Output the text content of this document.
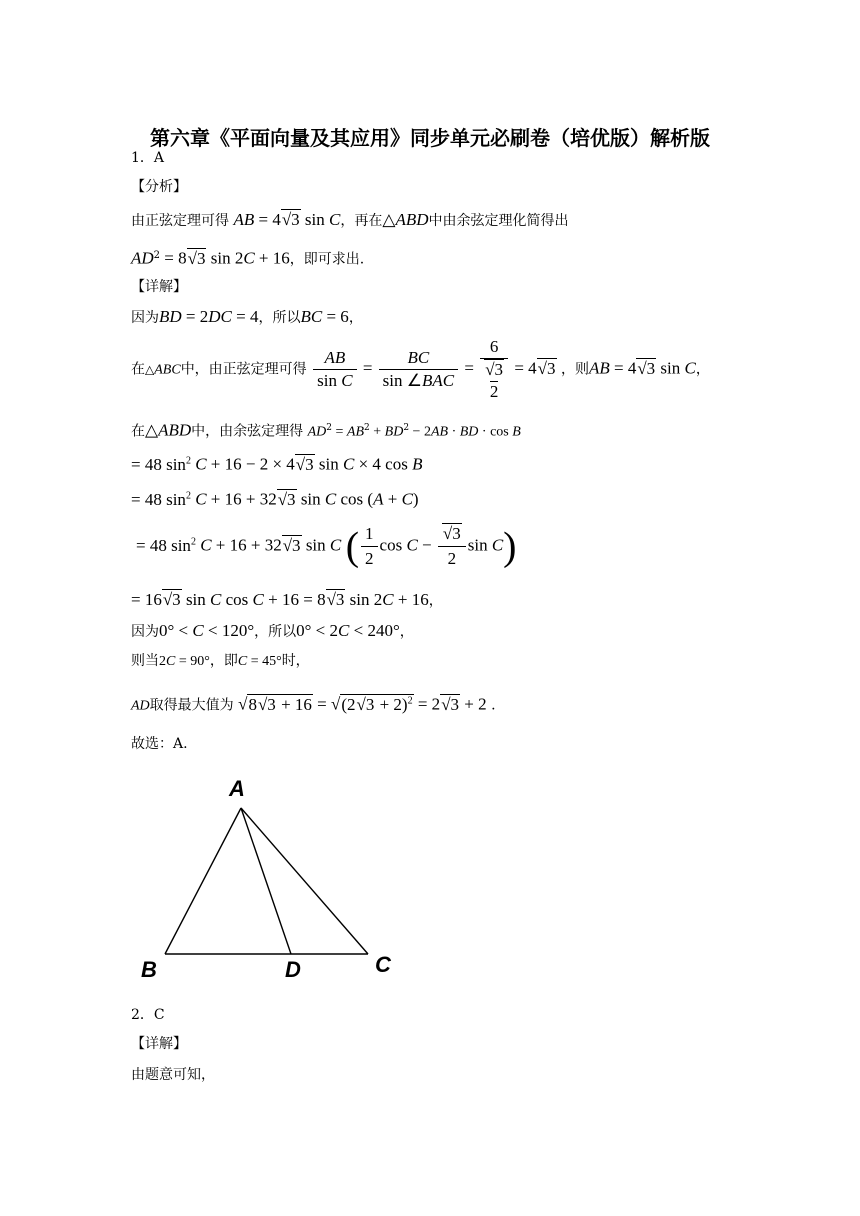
第六章《平面向量及其应用》同步单元必刷卷（培优版）解析版
1．A
【分析】
由正弦定理可得 AB = 4√3 sin C，再在△ABD中由余弦定理化简得出
$AD^2 = 8√3$ sin 2C + 16，即可求出.
【详解】
因为BD = 2DC = 4，所以BC = 6，
在△ABC中，由正弦定理可得 $\frac{AB}{\text{sin C}} = \frac{BC}{\text{sin ∠BAC}}$ =
6
√3
2
= 4√3 ，则AB = 4√3 sin C，
在△ABD中，由余弦定理得 $AD^2 = AB^2 + BD^2 - 2AB$ · BD · cos B
= 48 $\sin^2 C + 16 - 2 \times 4√3$ sin C × 4 cos B
= 48 $\sin^2 C + 16 + 32√3$ sin C cos (A + C)
= 48 $\sin^2 C + 16 + 32√3$ sin C ( $\frac{1}{2}$ $\cos C - \frac{√3}{2}$ sin C)
= 16√3 sin C cos C + 16 = 8√3 sin 2C + 16，
因为0° < C < 120°，所以0° < 2C < 240°，
则当2C = 90°，即C = 45°时，
AD取得最大值为 $√8√3 + 16 = √(2√3 + 2)^2 = 2√3 + 2$ .
故选：A.
A
B	D	C
2．C
【详解】
由题意可知，
